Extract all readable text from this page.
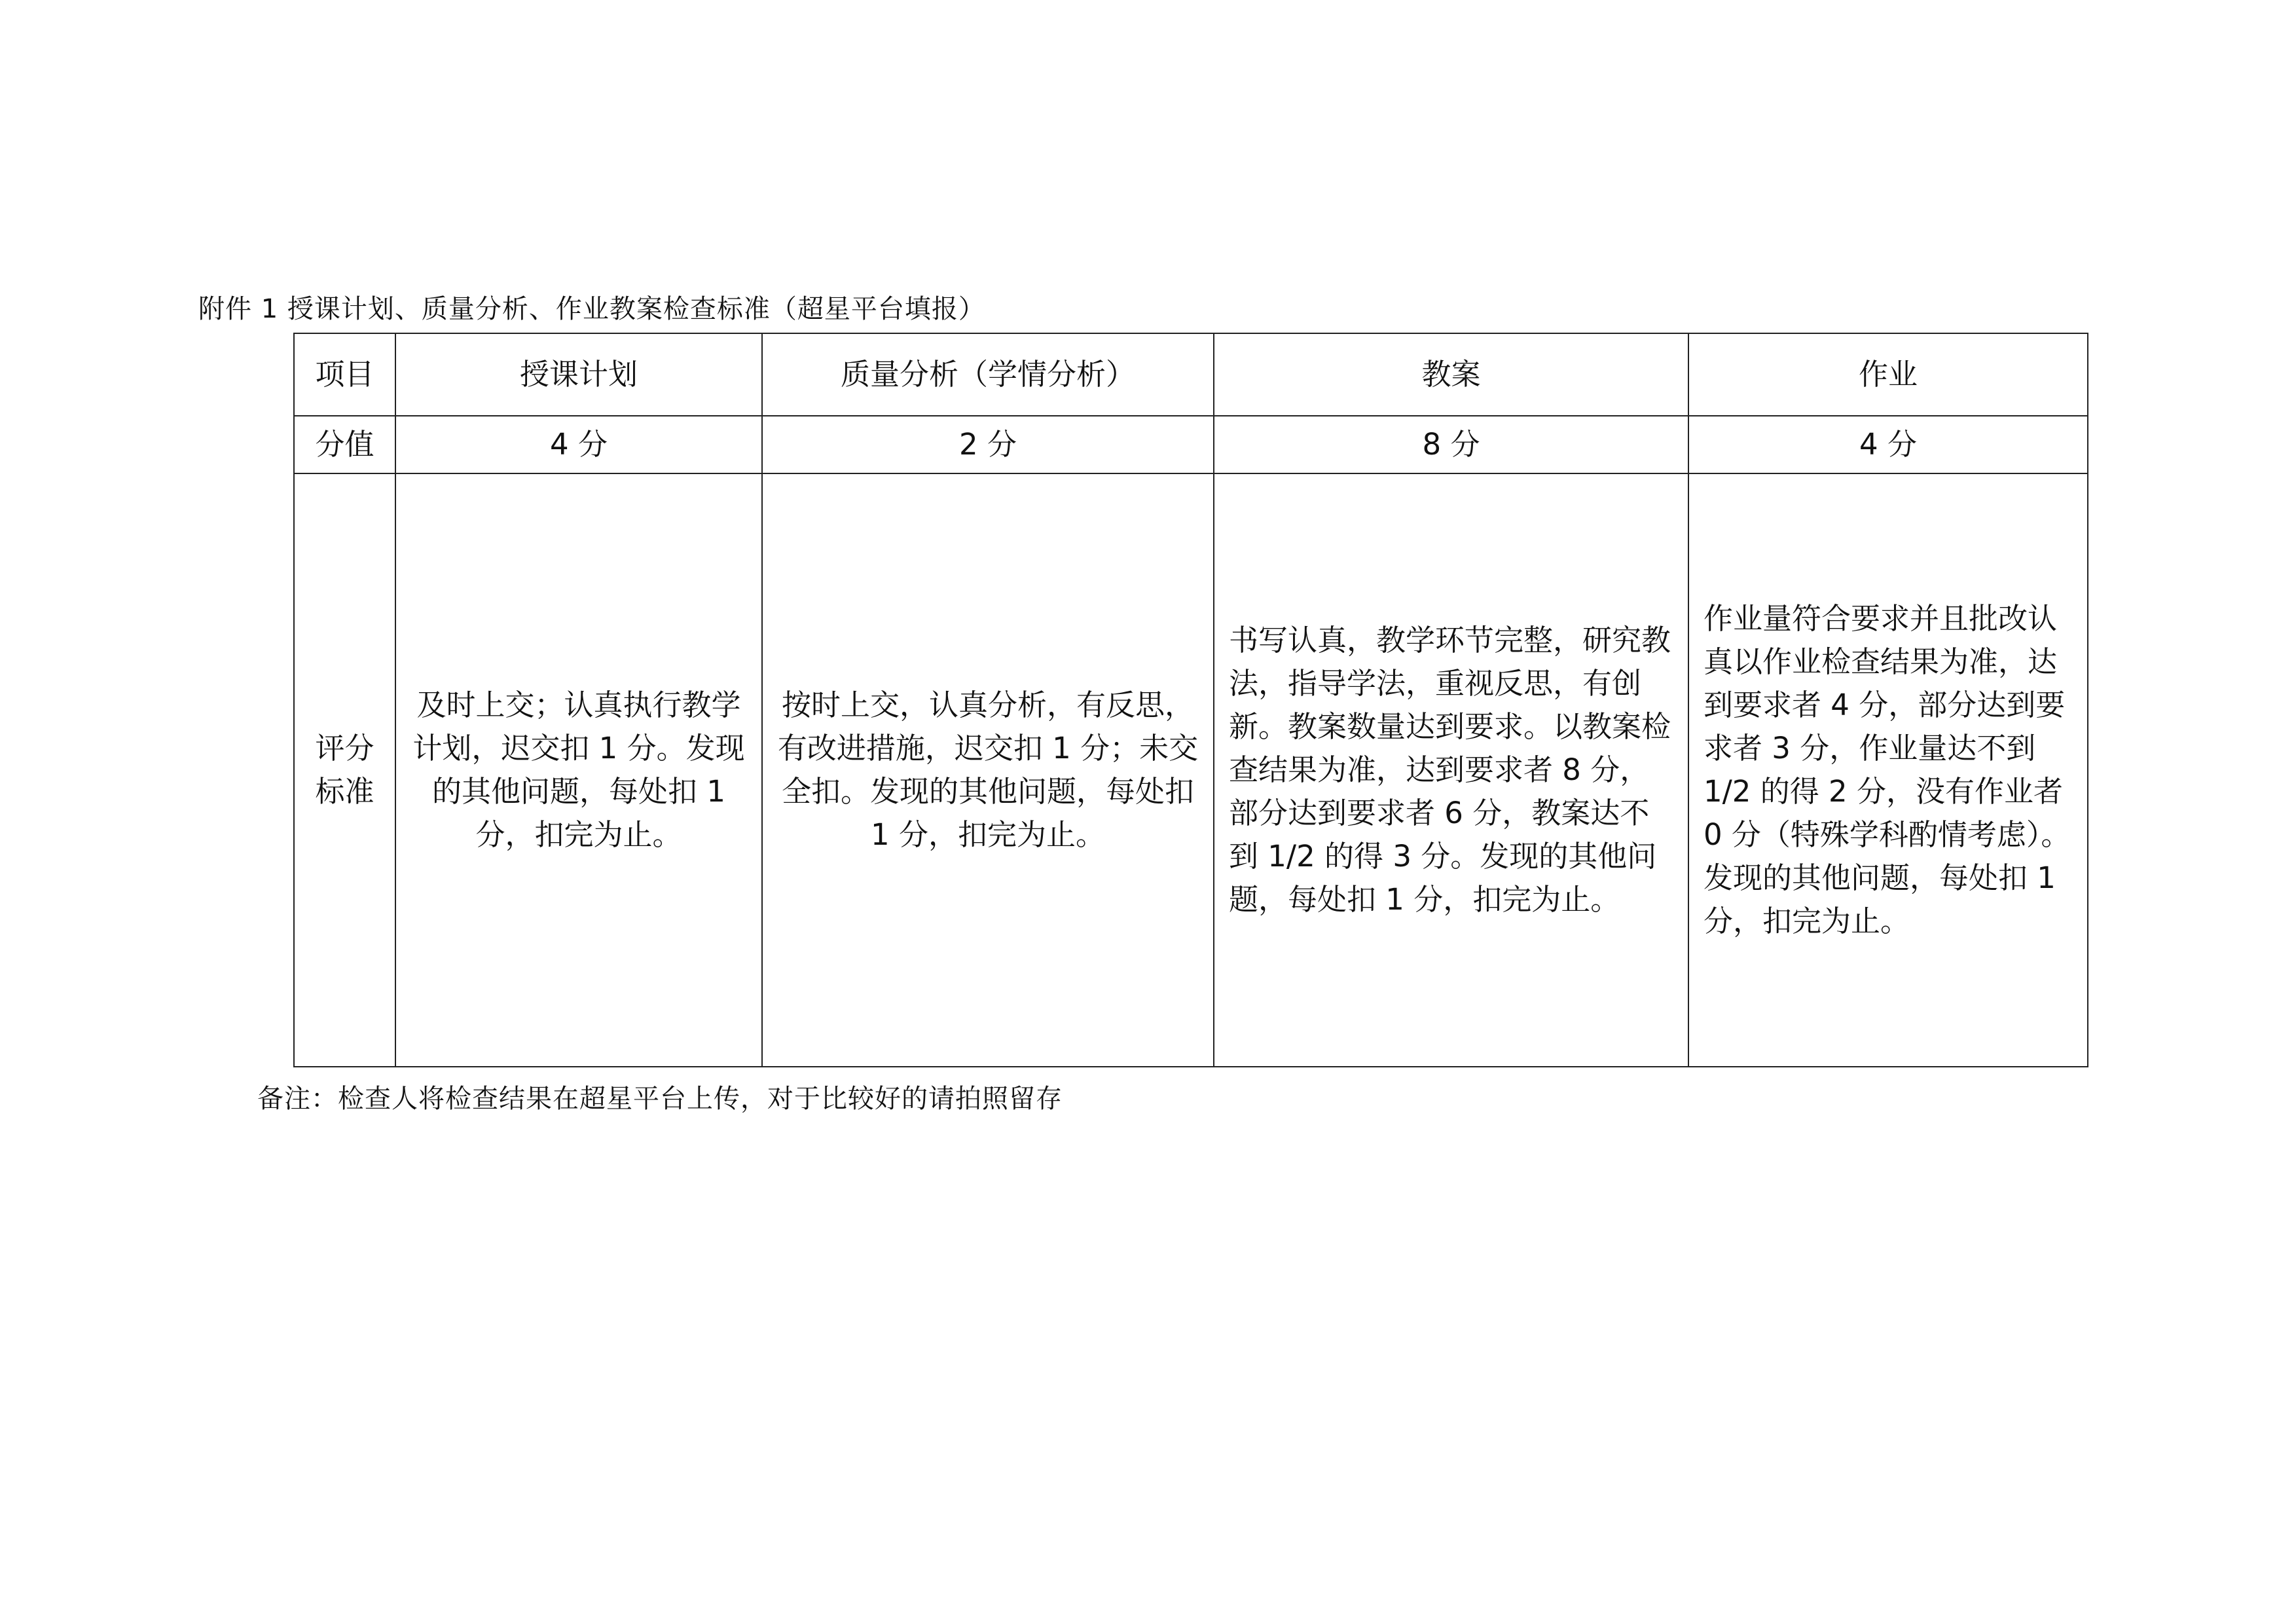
附件 1 授课计划、质量分析、作业教案检查标准（超星平台填报）
项目	授课计划	质量分析（学情分析）	教案	作业
分值	4 分	2 分	8 分	4 分

评分标准	及时上交；认真执行教学计划，迟交扣 1 分。发现的其他问题，每处扣 1 分，扣完为止。	按时上交，认真分析，有反思，有改进措施，迟交扣 1 分；未交全扣。发现的其他问题，每处扣 1 分，扣完为止。	书写认真，教学环节完整，研究教法，指导学法，重视反思，有创新。教案数量达到要求。以教案检查结果为准，达到要求者 8 分，部分达到要求者 6 分，教案达不到 1/2 的得 3 分。发现的其他问题，每处扣 1 分，扣完为止。	作业量符合要求并且批改认真以作业检查结果为准，达到要求者 4 分，部分达到要求者 3 分，作业量达不到 1/2 的得 2 分，没有作业者 0 分（特殊学科酌情考虑）。发现的其他问题，每处扣 1 分，扣完为止。
备注：检查人将检查结果在超星平台上传，对于比较好的请拍照留存
